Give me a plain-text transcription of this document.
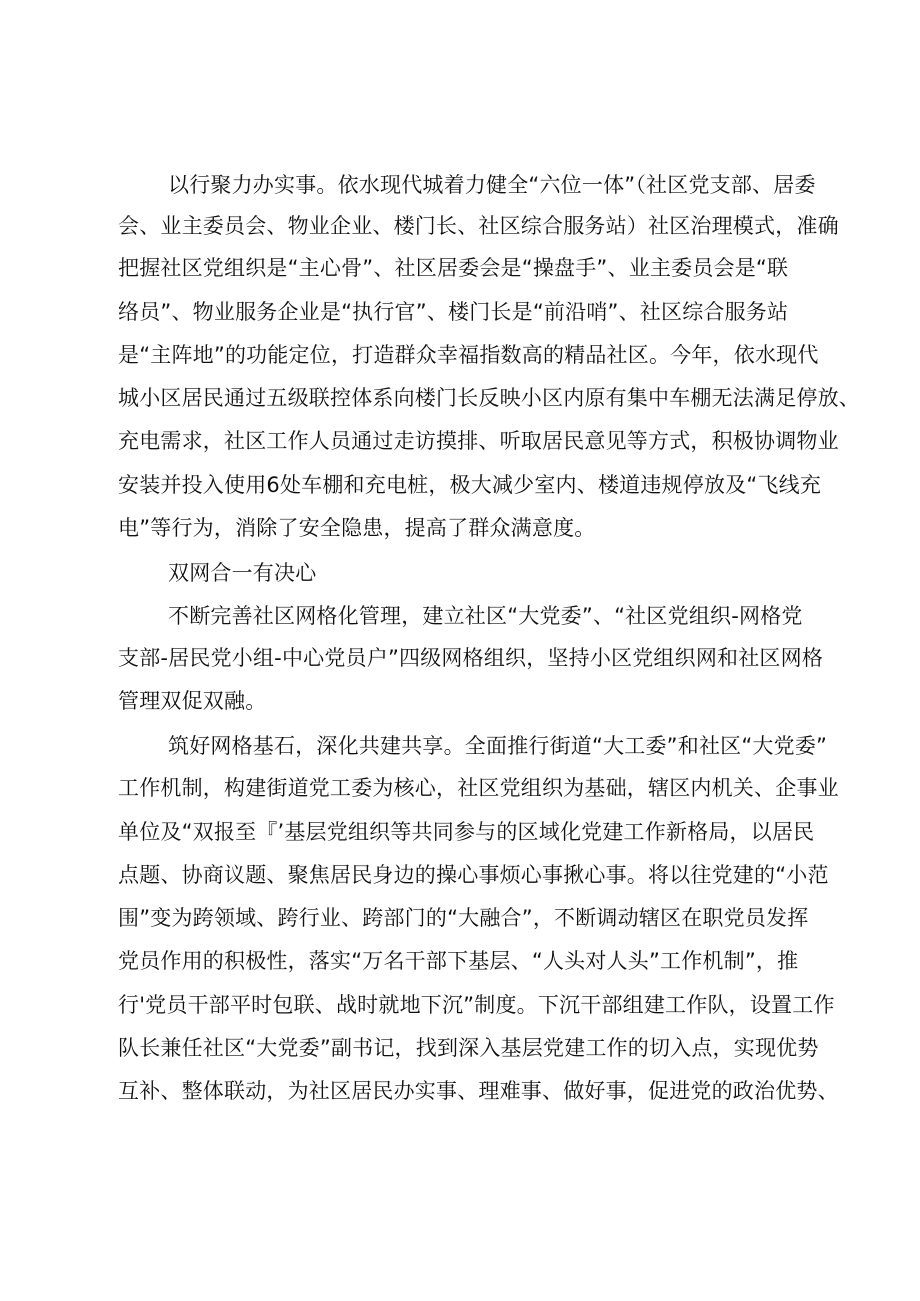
以行聚力办实事。依水现代城着力健全“六位一体”（社区党支部、居委
会、业主委员会、物业企业、楼门长、社区综合服务站）社区治理模式，准确
把握社区党组织是“主心骨”、社区居委会是“操盘手”、业主委员会是“联
络员”、物业服务企业是“执行官”、楼门长是“前沿哨”、社区综合服务站
是“主阵地”的功能定位，打造群众幸福指数高的精品社区。今年，依水现代
城小区居民通过五级联控体系向楼门长反映小区内原有集中车棚无法满足停放、
充电需求，社区工作人员通过走访摸排、听取居民意见等方式，积极协调物业
安装并投入使用6处车棚和充电桩，极大减少室内、楼道违规停放及“飞线充
电”等行为，消除了安全隐患，提高了群众满意度。
双网合一有决心
不断完善社区网格化管理，建立社区“大党委”、“社区党组织-网格党
支部-居民党小组-中心党员户”四级网格组织，坚持小区党组织网和社区网格
管理双促双融。
筑好网格基石，深化共建共享。全面推行街道“大工委”和社区“大党委”
工作机制，构建街道党工委为核心，社区党组织为基础，辖区内机关、企事业
单位及“双报至『’基层党组织等共同参与的区域化党建工作新格局，以居民
点题、协商议题、聚焦居民身边的操心事烦心事揪心事。将以往党建的“小范
围”变为跨领域、跨行业、跨部门的“大融合”，不断调动辖区在职党员发挥
党员作用的积极性，落实“万名干部下基层、“人头对人头”工作机制”，推
行'党员干部平时包联、战时就地下沉”制度。下沉干部组建工作队，设置工作
队长兼任社区“大党委”副书记，找到深入基层党建工作的切入点，实现优势
互补、整体联动，为社区居民办实事、理难事、做好事，促进党的政治优势、
